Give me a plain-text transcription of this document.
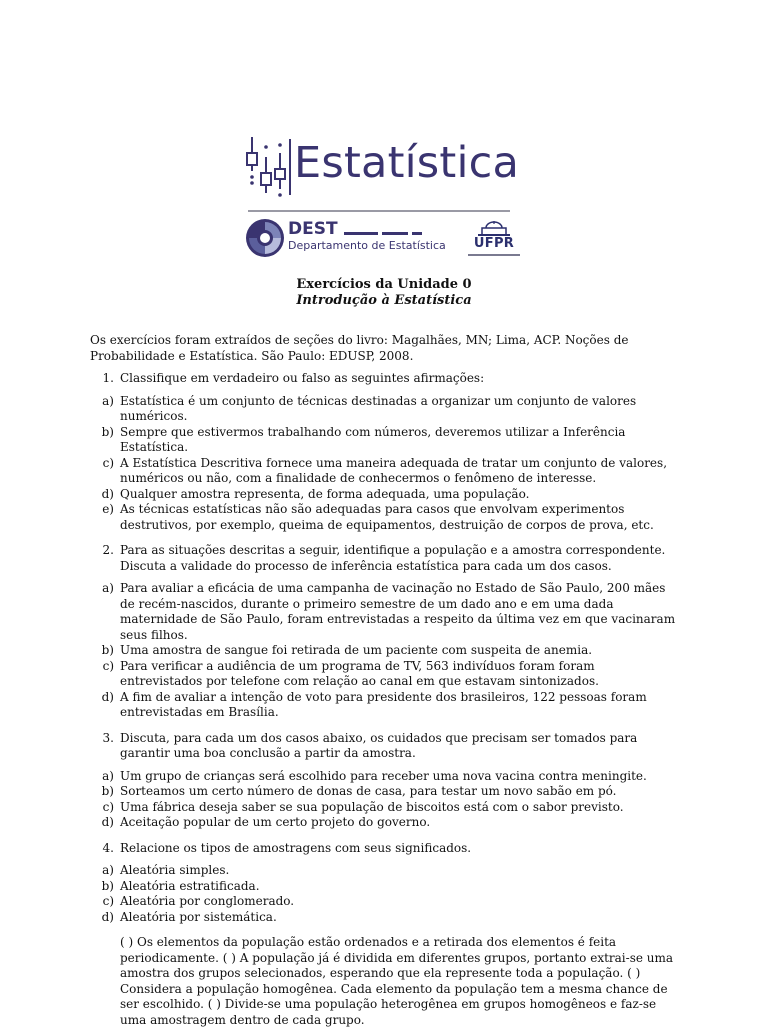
Estatística
DEST
Departamento de Estatística	UFPR
Exercícios da Unidade 0
Introdução à Estatística

Os exercícios foram extraídos de seções do livro: Magalhães, MN; Lima, ACP. Noções de Probabilidade e Estatística. São Paulo: EDUSP, 2008.

1. Classifique em verdadeiro ou falso as seguintes afirmações:
a) Estatística é um conjunto de técnicas destinadas a organizar um conjunto de valores numéricos.
b) Sempre que estivermos trabalhando com números, deveremos utilizar a Inferência Estatística.
c) A Estatística Descritiva fornece uma maneira adequada de tratar um conjunto de valores, numéricos ou não, com a finalidade de conhecermos o fenômeno de interesse.
d) Qualquer amostra representa, de forma adequada, uma população.
e) As técnicas estatísticas não são adequadas para casos que envolvam experimentos destrutivos, por exemplo, queima de equipamentos, destruição de corpos de prova, etc.
2. Para as situações descritas a seguir, identifique a população e a amostra correspondente. Discuta a validade do processo de inferência estatística para cada um dos casos.
a) Para avaliar a eficácia de uma campanha de vacinação no Estado de São Paulo, 200 mães de recém-nascidos, durante o primeiro semestre de um dado ano e em uma dada maternidade de São Paulo, foram entrevistadas a respeito da última vez em que vacinaram seus filhos.
b) Uma amostra de sangue foi retirada de um paciente com suspeita de anemia.
c) Para verificar a audiência de um programa de TV, 563 indivíduos foram foram entrevistados por telefone com relação ao canal em que estavam sintonizados.
d) A fim de avaliar a intenção de voto para presidente dos brasileiros, 122 pessoas foram entrevistadas em Brasília.
3. Discuta, para cada um dos casos abaixo, os cuidados que precisam ser tomados para garantir uma boa conclusão a partir da amostra.
a) Um grupo de crianças será escolhido para receber uma nova vacina contra meningite.
b) Sorteamos um certo número de donas de casa, para testar um novo sabão em pó.
c) Uma fábrica deseja saber se sua população de biscoitos está com o sabor previsto.
d) Aceitação popular de um certo projeto do governo.
4. Relacione os tipos de amostragens com seus significados.
a) Aleatória simples.
b) Aleatória estratificada.
c) Aleatória por conglomerado.
d) Aleatória por sistemática.

( ) Os elementos da população estão ordenados e a retirada dos elementos é feita periodicamente. ( ) A população já é dividida em diferentes grupos, portanto extrai-se uma amostra dos grupos selecionados, esperando que ela represente toda a população. ( ) Considera a população homogênea. Cada elemento da população tem a mesma chance de ser escolhido. ( ) Divide-se uma população heterogênea em grupos homogêneos e faz-se uma amostragem dentro de cada grupo.
